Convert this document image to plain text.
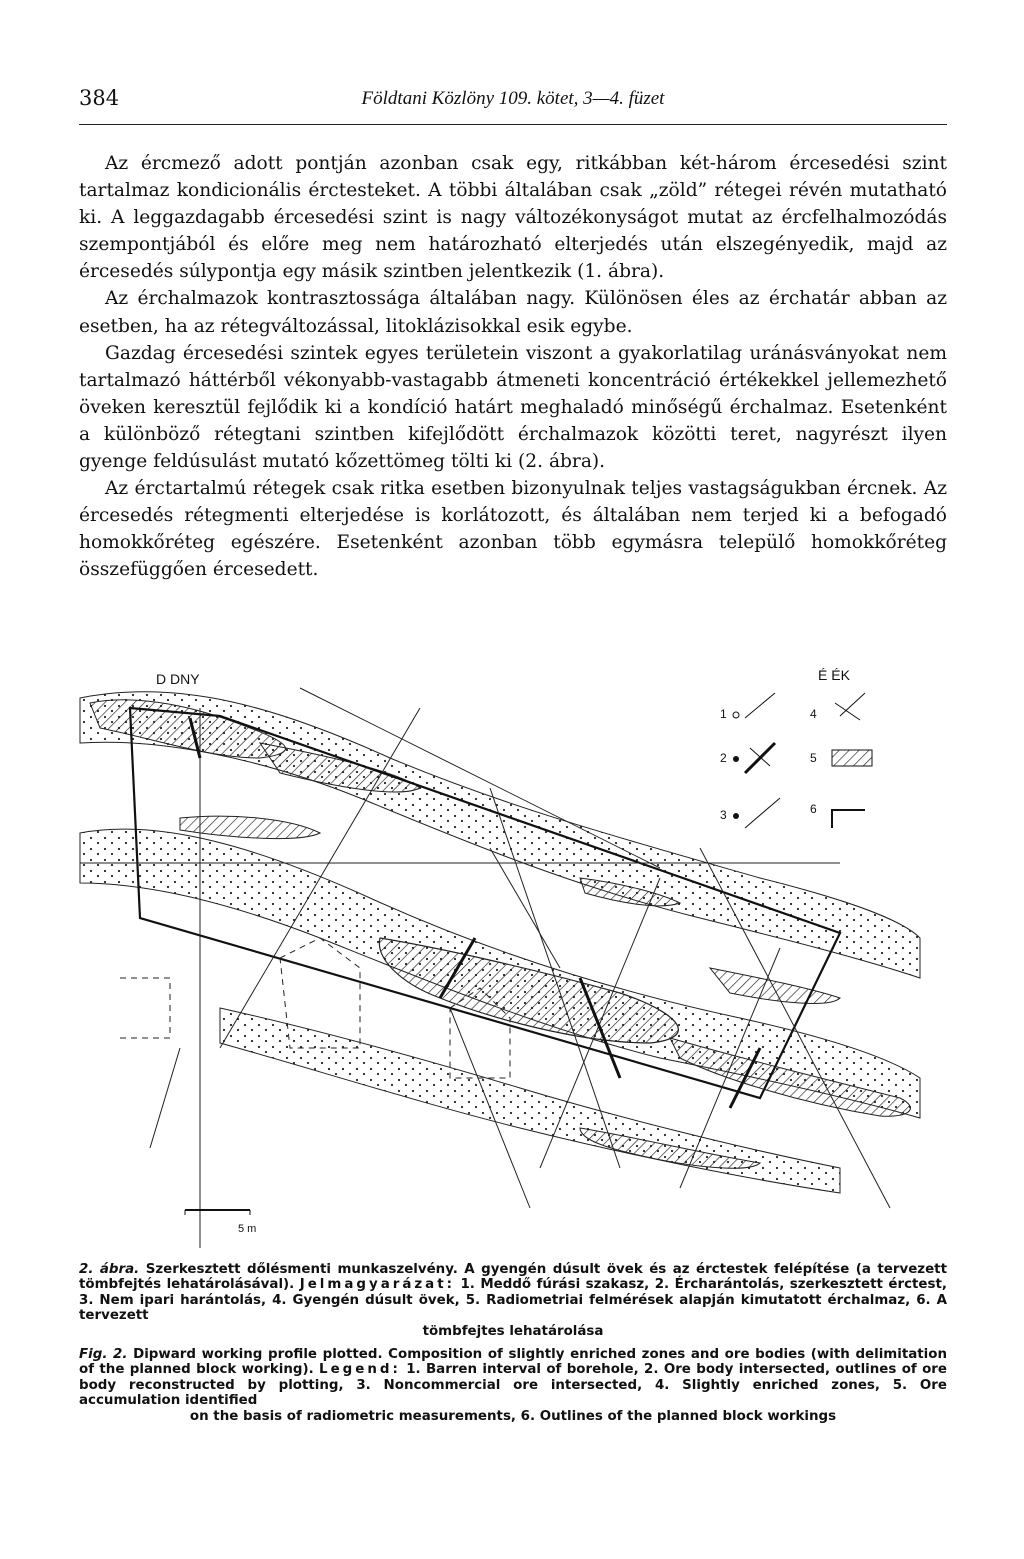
384	Földtani Közlöny 109. kötet, 3—4. füzet

Az ércmező adott pontján azonban csak egy, ritkábban két-három ércesedési szint tartalmaz kondicionális érctesteket. A többi általában csak „zöld” rétegei révén mutatható ki. A leggazdagabb ércesedési szint is nagy változékonyságot mutat az ércfelhalmozódás szempontjából és előre meg nem határozható elterjedés után elszegényedik, majd az ércesedés súlypontja egy másik szintben jelentkezik (1. ábra).

Az érchalmazok kontrasztossága általában nagy. Különösen éles az érchatár abban az esetben, ha az rétegváltozással, litoklázisokkal esik egybe.

Gazdag ércesedési szintek egyes területein viszont a gyakorlatilag uránásványokat nem tartalmazó háttérből vékonyabb-vastagabb átmeneti koncentráció értékekkel jellemezhető öveken keresztül fejlődik ki a kondíció határt meghaladó minőségű érchalmaz. Esetenként a különböző rétegtani szintben kifejlődött érchalmazok közötti teret, nagyrészt ilyen gyenge feldúsulást mutató kőzettömeg tölti ki (2. ábra).

Az érctartalmú rétegek csak ritka esetben bizonyulnak teljes vastagságukban ércnek. Az ércesedés rétegmenti elterjedése is korlátozott, és általában nem terjed ki a befogadó homokkőréteg egészére. Esetenként azonban több egymásra települő homokkőréteg összefüggően ércesedett.

D DNY	É ÉK
1
2
3
4
5
6
5 m

2. ábra. Szerkesztett dőlésmenti munkaszelvény. A gyengén dúsult övek és az érctestek felépítése (a tervezett tömbfejtés lehatárolásával). Jelmagyarázat: 1. Meddő fúrási szakasz, 2. Ércharántolás, szerkesztett érctest, 3. Nem ipari harántolás, 4. Gyengén dúsult övek, 5. Radiometriai felmérések alapján kimutatott érchalmaz, 6. A tervezett

tömbfejtes lehatárolása

Fig. 2. Dipward working profile plotted. Composition of slightly enriched zones and ore bodies (with delimitation of the planned block working). Legend: 1. Barren interval of borehole, 2. Ore body intersected, outlines of ore body reconstructed by plotting, 3. Noncommercial ore intersected, 4. Slightly enriched zones, 5. Ore accumulation identified

on the basis of radiometric measurements, 6. Outlines of the planned block workings
